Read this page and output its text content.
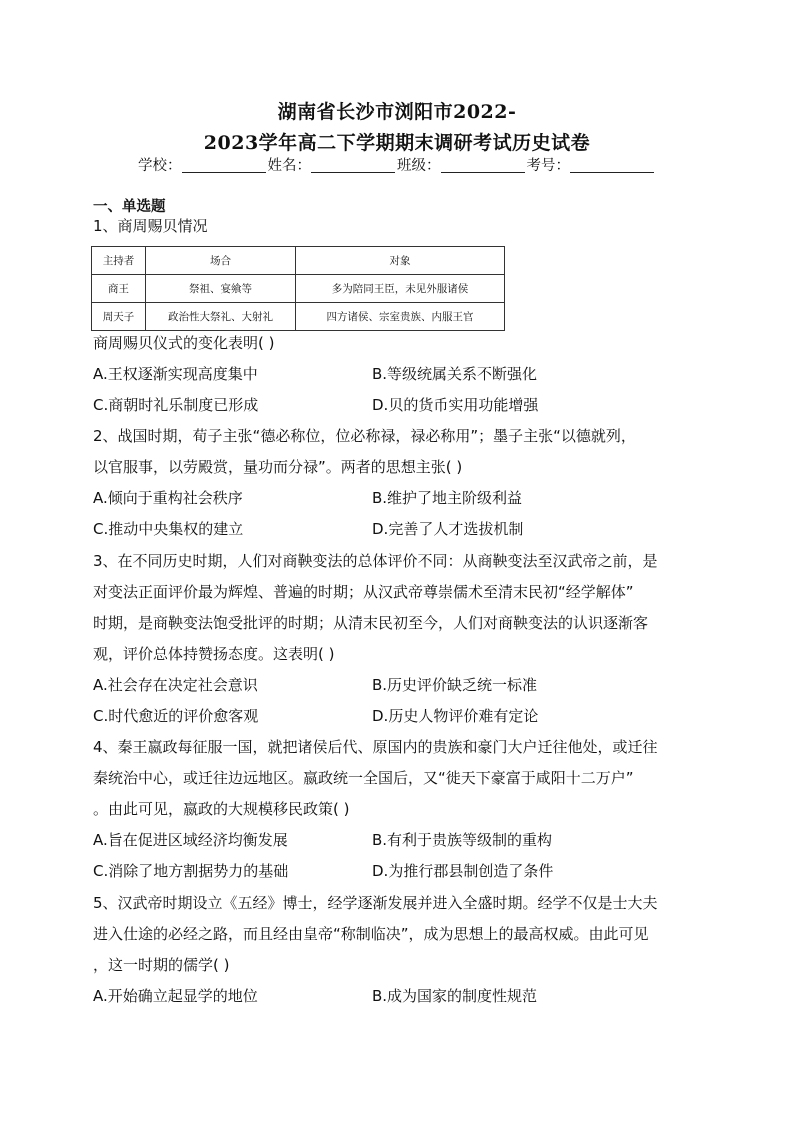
湖南省长沙市浏阳市2022-
2023学年高二下学期期末调研考试历史试卷
学校：	姓名：	班级：	考号：
一、单选题
1、商周赐贝情况
主持者	场合	对象
商王	祭祖、宴飨等	多为陪同王臣，未见外服诸侯
周天子	政治性大祭礼、大射礼	四方诸侯、宗室贵族、内服王官
商周赐贝仪式的变化表明( )
A.王权逐渐实现高度集中	B.等级统属关系不断强化
C.商朝时礼乐制度已形成	D.贝的货币实用功能增强
2、战国时期，荀子主张“德必称位，位必称禄，禄必称用”；墨子主张“以德就列，
以官服事，以劳殿赏，量功而分禄”。两者的思想主张( )
A.倾向于重构社会秩序	B.维护了地主阶级利益
C.推动中央集权的建立	D.完善了人才选拔机制
3、在不同历史时期，人们对商鞅变法的总体评价不同：从商鞅变法至汉武帝之前，是
对变法正面评价最为辉煌、普遍的时期；从汉武帝尊崇儒术至清末民初“经学解体”
时期，是商鞅变法饱受批评的时期；从清末民初至今，人们对商鞅变法的认识逐渐客
观，评价总体持赞扬态度。这表明( )
A.社会存在决定社会意识	B.历史评价缺乏统一标准
C.时代愈近的评价愈客观	D.历史人物评价难有定论
4、秦王嬴政每征服一国，就把诸侯后代、原国内的贵族和豪门大户迁往他处，或迁往
秦统治中心，或迁往边远地区。嬴政统一全国后，又“徙天下豪富于咸阳十二万户”
。由此可见，嬴政的大规模移民政策( )
A.旨在促进区域经济均衡发展	B.有利于贵族等级制的重构
C.消除了地方割据势力的基础	D.为推行郡县制创造了条件
5、汉武帝时期设立《五经》博士，经学逐渐发展并进入全盛时期。经学不仅是士大夫
进入仕途的必经之路，而且经由皇帝“称制临决”，成为思想上的最高权威。由此可见
，这一时期的儒学( )
A.开始确立起显学的地位	B.成为国家的制度性规范
